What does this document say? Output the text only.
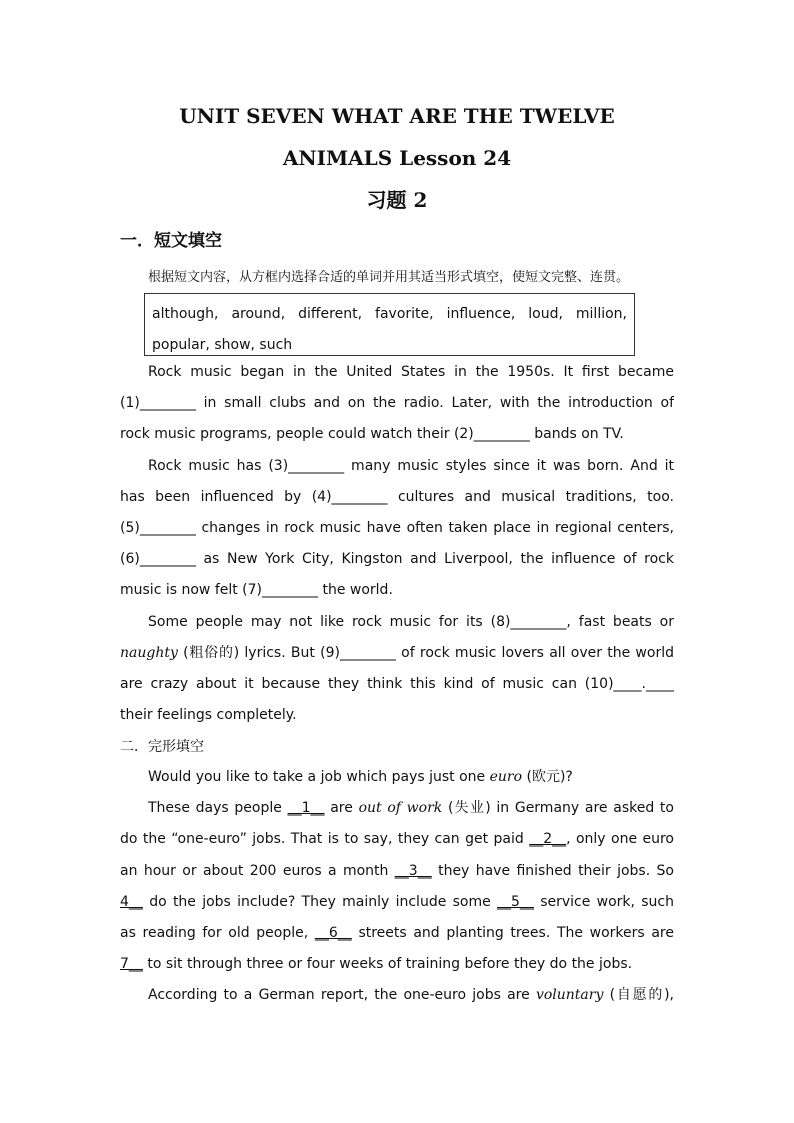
UNIT SEVEN WHAT ARE THE TWELVE
ANIMALS Lesson 24
习题 2
一．短文填空
根据短文内容，从方框内选择合适的单词并用其适当形式填空，使短文完整、连贯。
although, around, different, favorite, influence, loud, million,
popular, show, such
Rock music began in the United States in the 1950s. It first became
(1)________ in small clubs and on the radio. Later, with the introduction of
rock music programs, people could watch their (2)________ bands on TV.
Rock music has (3)________ many music styles since it was born. And it
has been influenced by (4)________ cultures and musical traditions, too.
(5)________ changes in rock music have often taken place in regional centers,
(6)________ as New York City, Kingston and Liverpool, the influence of rock
music is now felt (7)________ the world.
Some people may not like rock music for its (8)________, fast beats or
naughty (粗俗的) lyrics. But (9)________ of rock music lovers all over the world
are crazy about it because they think this kind of music can (10)____.____
their feelings completely.
二．完形填空
Would you like to take a job which pays just one euro (欧元)?
These days people __1__ are out of work (失业) in Germany are asked to
do the “one-euro” jobs. That is to say, they can get paid __2__, only one euro
an hour or about 200 euros a month __3__ they have finished their jobs. So
4__ do the jobs include? They mainly include some __5__ service work, such
as reading for old people, __6__ streets and planting trees. The workers are
7__ to sit through three or four weeks of training before they do the jobs.
According to a German report, the one-euro jobs are voluntary (自愿的),
